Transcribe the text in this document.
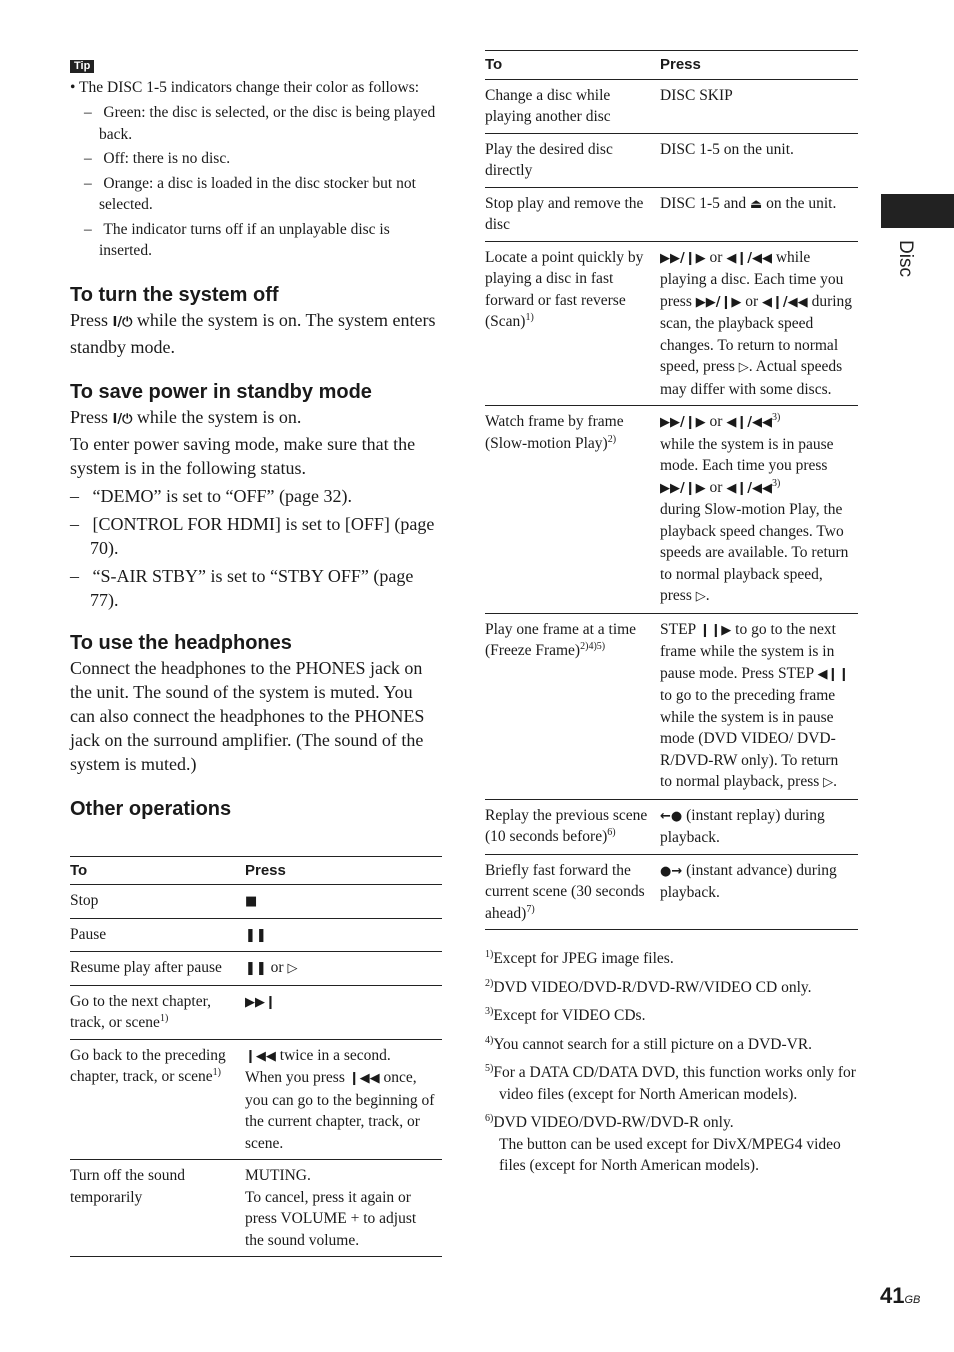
Tip
• The DISC 1-5 indicators change their color as follows:
–   Green: the disc is selected, or the disc is being played back.
–   Off: there is no disc.
–   Orange: a disc is loaded in the disc stocker but not selected.
–   The indicator turns off if an unplayable disc is inserted.
To turn the system off

Press I/⏻ while the system is on. The system enters standby mode.

To save power in standby mode

Press I/⏻ while the system is on.

To enter power saving mode, make sure that the system is in the following status.

–   “DEMO” is set to “OFF” (page 32).
–   [CONTROL FOR HDMI] is set to [OFF] (page 70).
–   “S-AIR STBY” is set to “STBY OFF” (page 77).
To use the headphones

Connect the headphones to the PHONES jack on the unit. The sound of the system is muted. You can also connect the headphones to the PHONES jack on the surround amplifier. (The sound of the system is muted.)

Other operations
To	Press
Stop	■
Pause	❚❚
Resume play after pause	❚❚ or ▷
Go to the next chapter, track, or scene$^{1)}$	▶▶❙
Go back to the preceding chapter, track, or scene$^{1)}$	❙◀◀ twice in a second.
When you press ❙◀◀ once, you can go to the beginning of the current chapter, track, or scene.
Turn off the sound temporarily	MUTING.
To cancel, press it again or press VOLUME + to adjust the sound volume.
To	Press
Change a disc while playing another disc	DISC SKIP
Play the desired disc directly	DISC 1-5 on the unit.
Stop play and remove the disc	DISC 1-5 and ⏏ on the unit.
Locate a point quickly by playing a disc in fast forward or fast reverse (Scan)$^{1)}$	▶▶/❙▶ or ◀❙/◀◀ while playing a disc. Each time you press ▶▶/❙▶ or ◀❙/◀◀ during scan, the playback speed changes. To return to normal speed, press ▷. Actual speeds may differ with some discs.
Watch frame by frame (Slow-motion Play)$^{2)}$	▶▶/❙▶ or ◀❙/◀◀$^{3)}$
while the system is in pause mode. Each time you press ▶▶/❙▶ or ◀❙/◀◀$^{3)}$
during Slow-motion Play, the playback speed changes. Two speeds are available. To return to normal playback speed, press ▷.
Play one frame at a time (Freeze Frame)$^{2)4)5)}$	STEP ❙❙▶ to go to the next frame while the system is in pause mode. Press STEP ◀❙❙ to go to the preceding frame while the system is in pause mode (DVD VIDEO/ DVD-R/DVD-RW only). To return to normal playback, press ▷.
Replay the previous scene (10 seconds before)$^{6)}$	←● (instant replay) during playback.
Briefly fast forward the current scene (30 seconds ahead)$^{7)}$	●→ (instant advance) during playback.
$^{1)}$Except for JPEG image files.
$^{2)}$DVD VIDEO/DVD-R/DVD-RW/VIDEO CD only.
$^{3)}$Except for VIDEO CDs.
$^{4)}$You cannot search for a still picture on a DVD-VR.
$^{5)}$For a DATA CD/DATA DVD, this function works only for video files (except for North American models).
$^{6)}$DVD VIDEO/DVD-RW/DVD-R only.
The button can be used except for DivX/MPEG4 video files (except for North American models).
Disc
41GB
